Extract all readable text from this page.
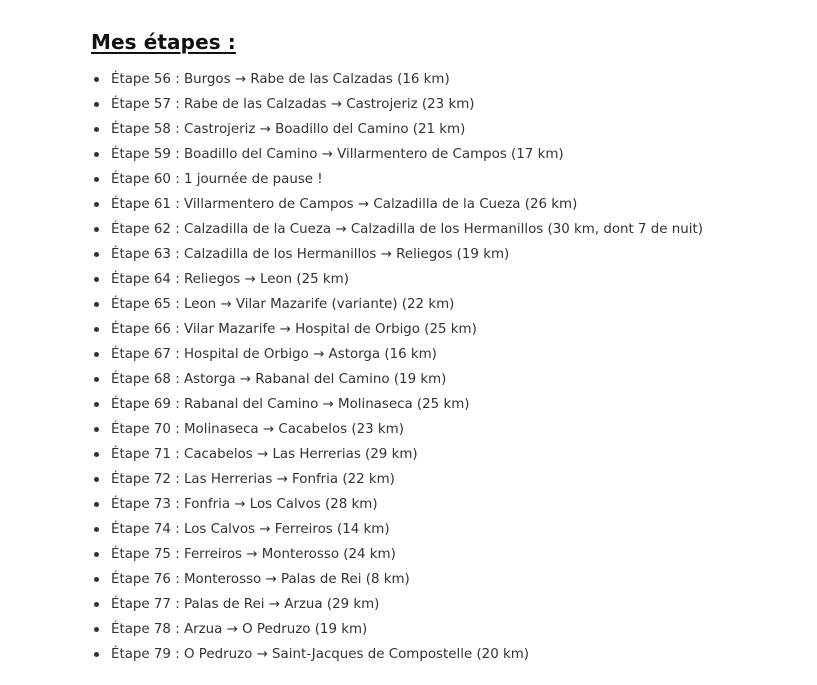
Mes étapes :
Étape 56 : Burgos → Rabe de las Calzadas (16 km)
Étape 57 : Rabe de las Calzadas → Castrojeriz (23 km)
Étape 58 : Castrojeriz → Boadillo del Camino (21 km)
Étape 59 : Boadillo del Camino → Villarmentero de Campos (17 km)
Étape 60 : 1 journée de pause !
Étape 61 : Villarmentero de Campos → Calzadilla de la Cueza (26 km)
Étape 62 : Calzadilla de la Cueza → Calzadilla de los Hermanillos (30 km, dont 7 de nuit)
Étape 63 : Calzadilla de los Hermanillos → Reliegos (19 km)
Étape 64 : Reliegos → Leon (25 km)
Étape 65 : Leon → Vilar Mazarife (variante) (22 km)
Étape 66 : Vilar Mazarife → Hospital de Orbigo (25 km)
Étape 67 : Hospital de Orbigo → Astorga (16 km)
Étape 68 : Astorga → Rabanal del Camino (19 km)
Étape 69 : Rabanal del Camino → Molinaseca (25 km)
Étape 70 : Molinaseca → Cacabelos (23 km)
Étape 71 : Cacabelos → Las Herrerias (29 km)
Étape 72 : Las Herrerias → Fonfria (22 km)
Étape 73 : Fonfria → Los Calvos (28 km)
Étape 74 : Los Calvos → Ferreiros (14 km)
Étape 75 : Ferreiros → Monterosso (24 km)
Étape 76 : Monterosso → Palas de Rei (8 km)
Étape 77 : Palas de Rei → Arzua (29 km)
Étape 78 : Arzua → O Pedruzo (19 km)
Étape 79 : O Pedruzo → Saint-Jacques de Compostelle (20 km)
